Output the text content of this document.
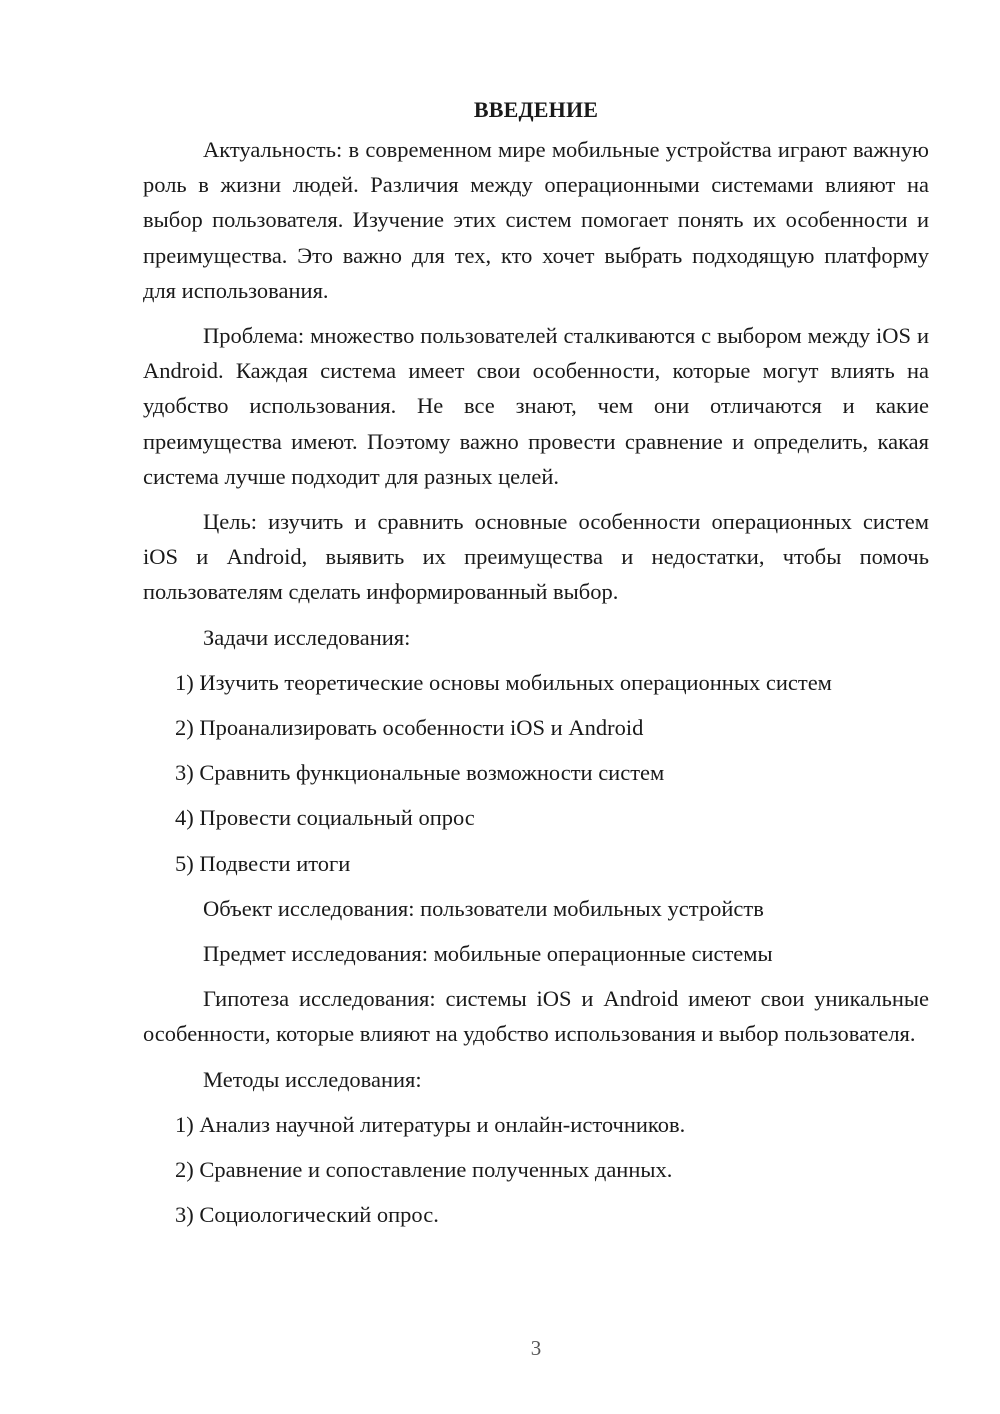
ВВЕДЕНИЕ

Актуальность: в современном мире мобильные устройства играют важную роль в жизни людей. Различия между операционными системами влияют на выбор пользователя. Изучение этих систем помогает понять их особенности и преимущества. Это важно для тех, кто хочет выбрать подходящую платформу для использования.

Проблема: множество пользователей сталкиваются с выбором между iOS и Android. Каждая система имеет свои особенности, которые могут влиять на удобство использования. Не все знают, чем они отличаются и какие преимущества имеют. Поэтому важно провести сравнение и определить, какая система лучше подходит для разных целей.

Цель: изучить и сравнить основные особенности операционных систем iOS и Android, выявить их преимущества и недостатки, чтобы помочь пользователям сделать информированный выбор.

Задачи исследования:
1) Изучить теоретические основы мобильных операционных систем
2) Проанализировать особенности iOS и Android
3) Сравнить функциональные возможности систем
4) Провести социальный опрос
5) Подвести итоги
Объект исследования: пользователи мобильных устройств
Предмет исследования: мобильные операционные системы

Гипотеза исследования: системы iOS и Android имеют свои уникальные особенности, которые влияют на удобство использования и выбор пользователя.

Методы исследования:
1) Анализ научной литературы и онлайн-источников.
2) Сравнение и сопоставление полученных данных.
3) Социологический опрос.
3
